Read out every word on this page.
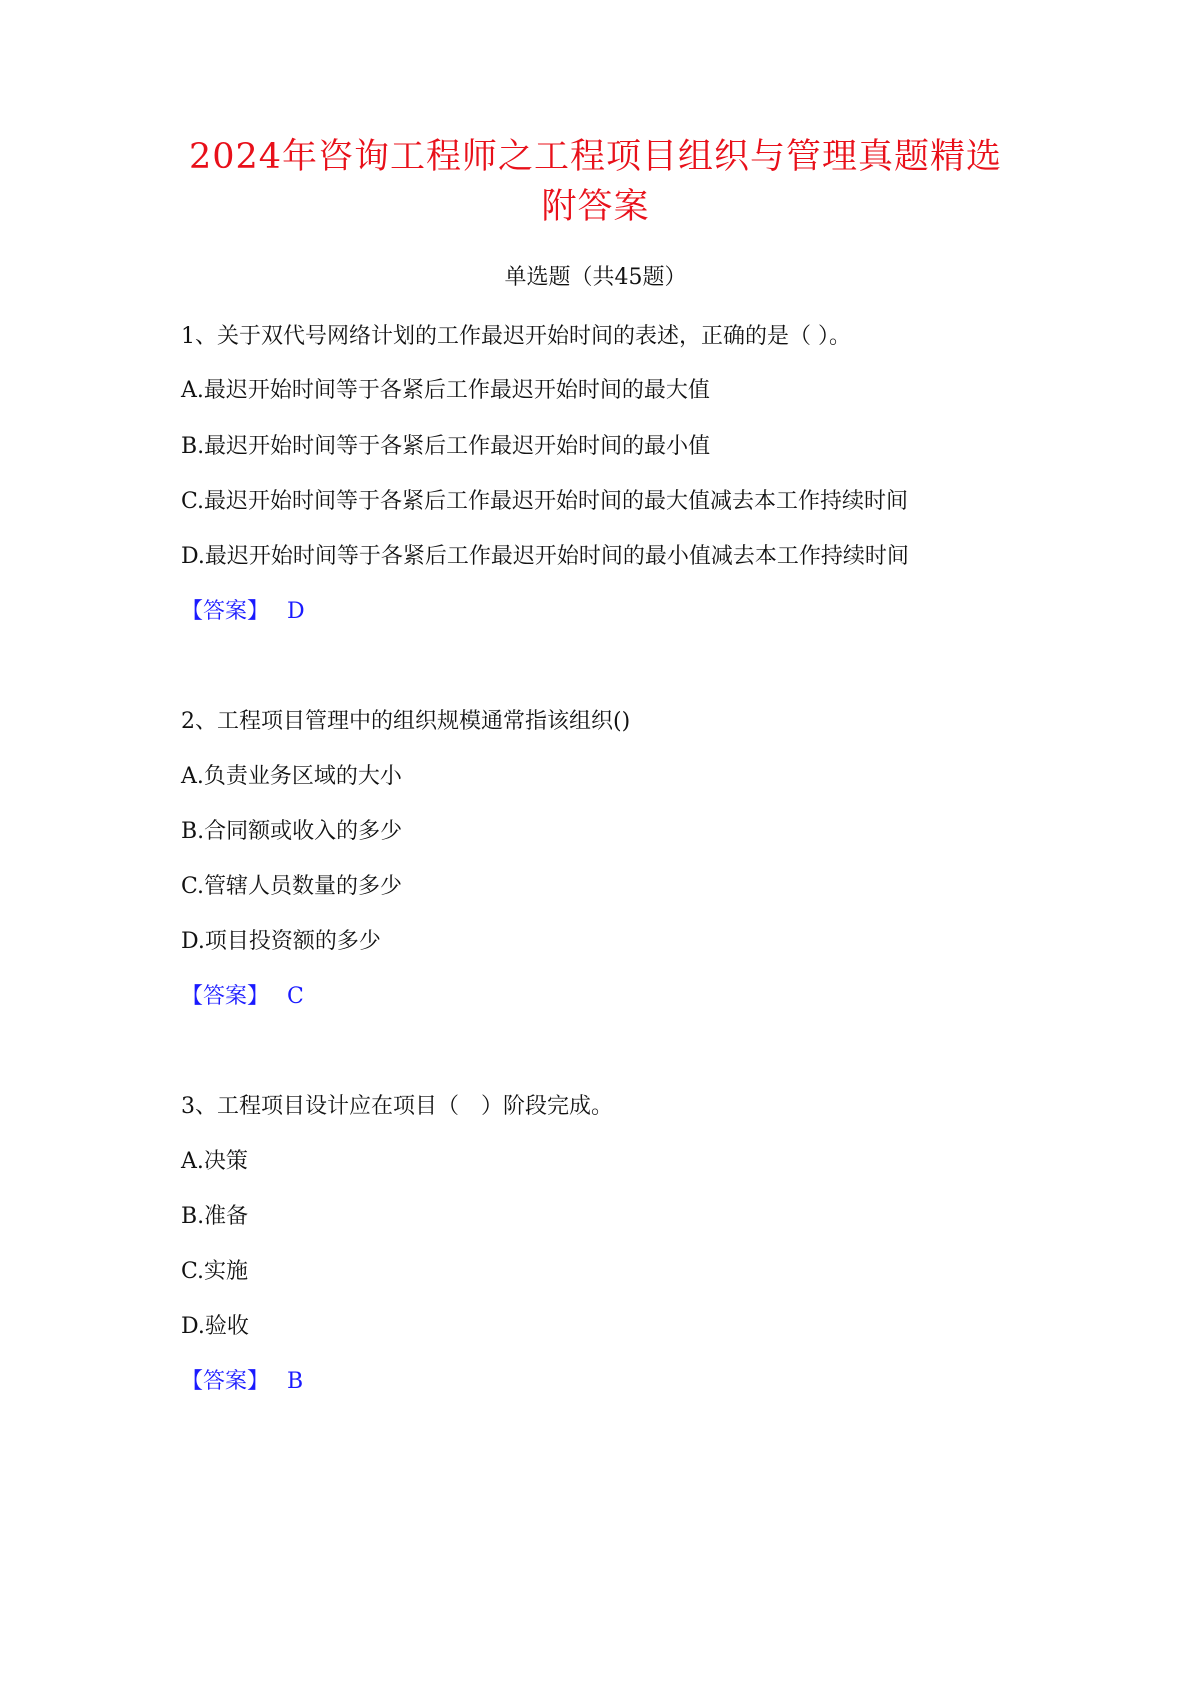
2024年咨询工程师之工程项目组织与管理真题精选
附答案
单选题（共45题）
1、关于双代号网络计划的工作最迟开始时间的表述，正确的是（ ）。
A.最迟开始时间等于各紧后工作最迟开始时间的最大值
B.最迟开始时间等于各紧后工作最迟开始时间的最小值
C.最迟开始时间等于各紧后工作最迟开始时间的最大值减去本工作持续时间
D.最迟开始时间等于各紧后工作最迟开始时间的最小值减去本工作持续时间
【答案】 D
2、工程项目管理中的组织规模通常指该组织()
A.负责业务区域的大小
B.合同额或收入的多少
C.管辖人员数量的多少
D.项目投资额的多少
【答案】 C
3、工程项目设计应在项目（　）阶段完成。
A.决策
B.准备
C.实施
D.验收
【答案】 B
